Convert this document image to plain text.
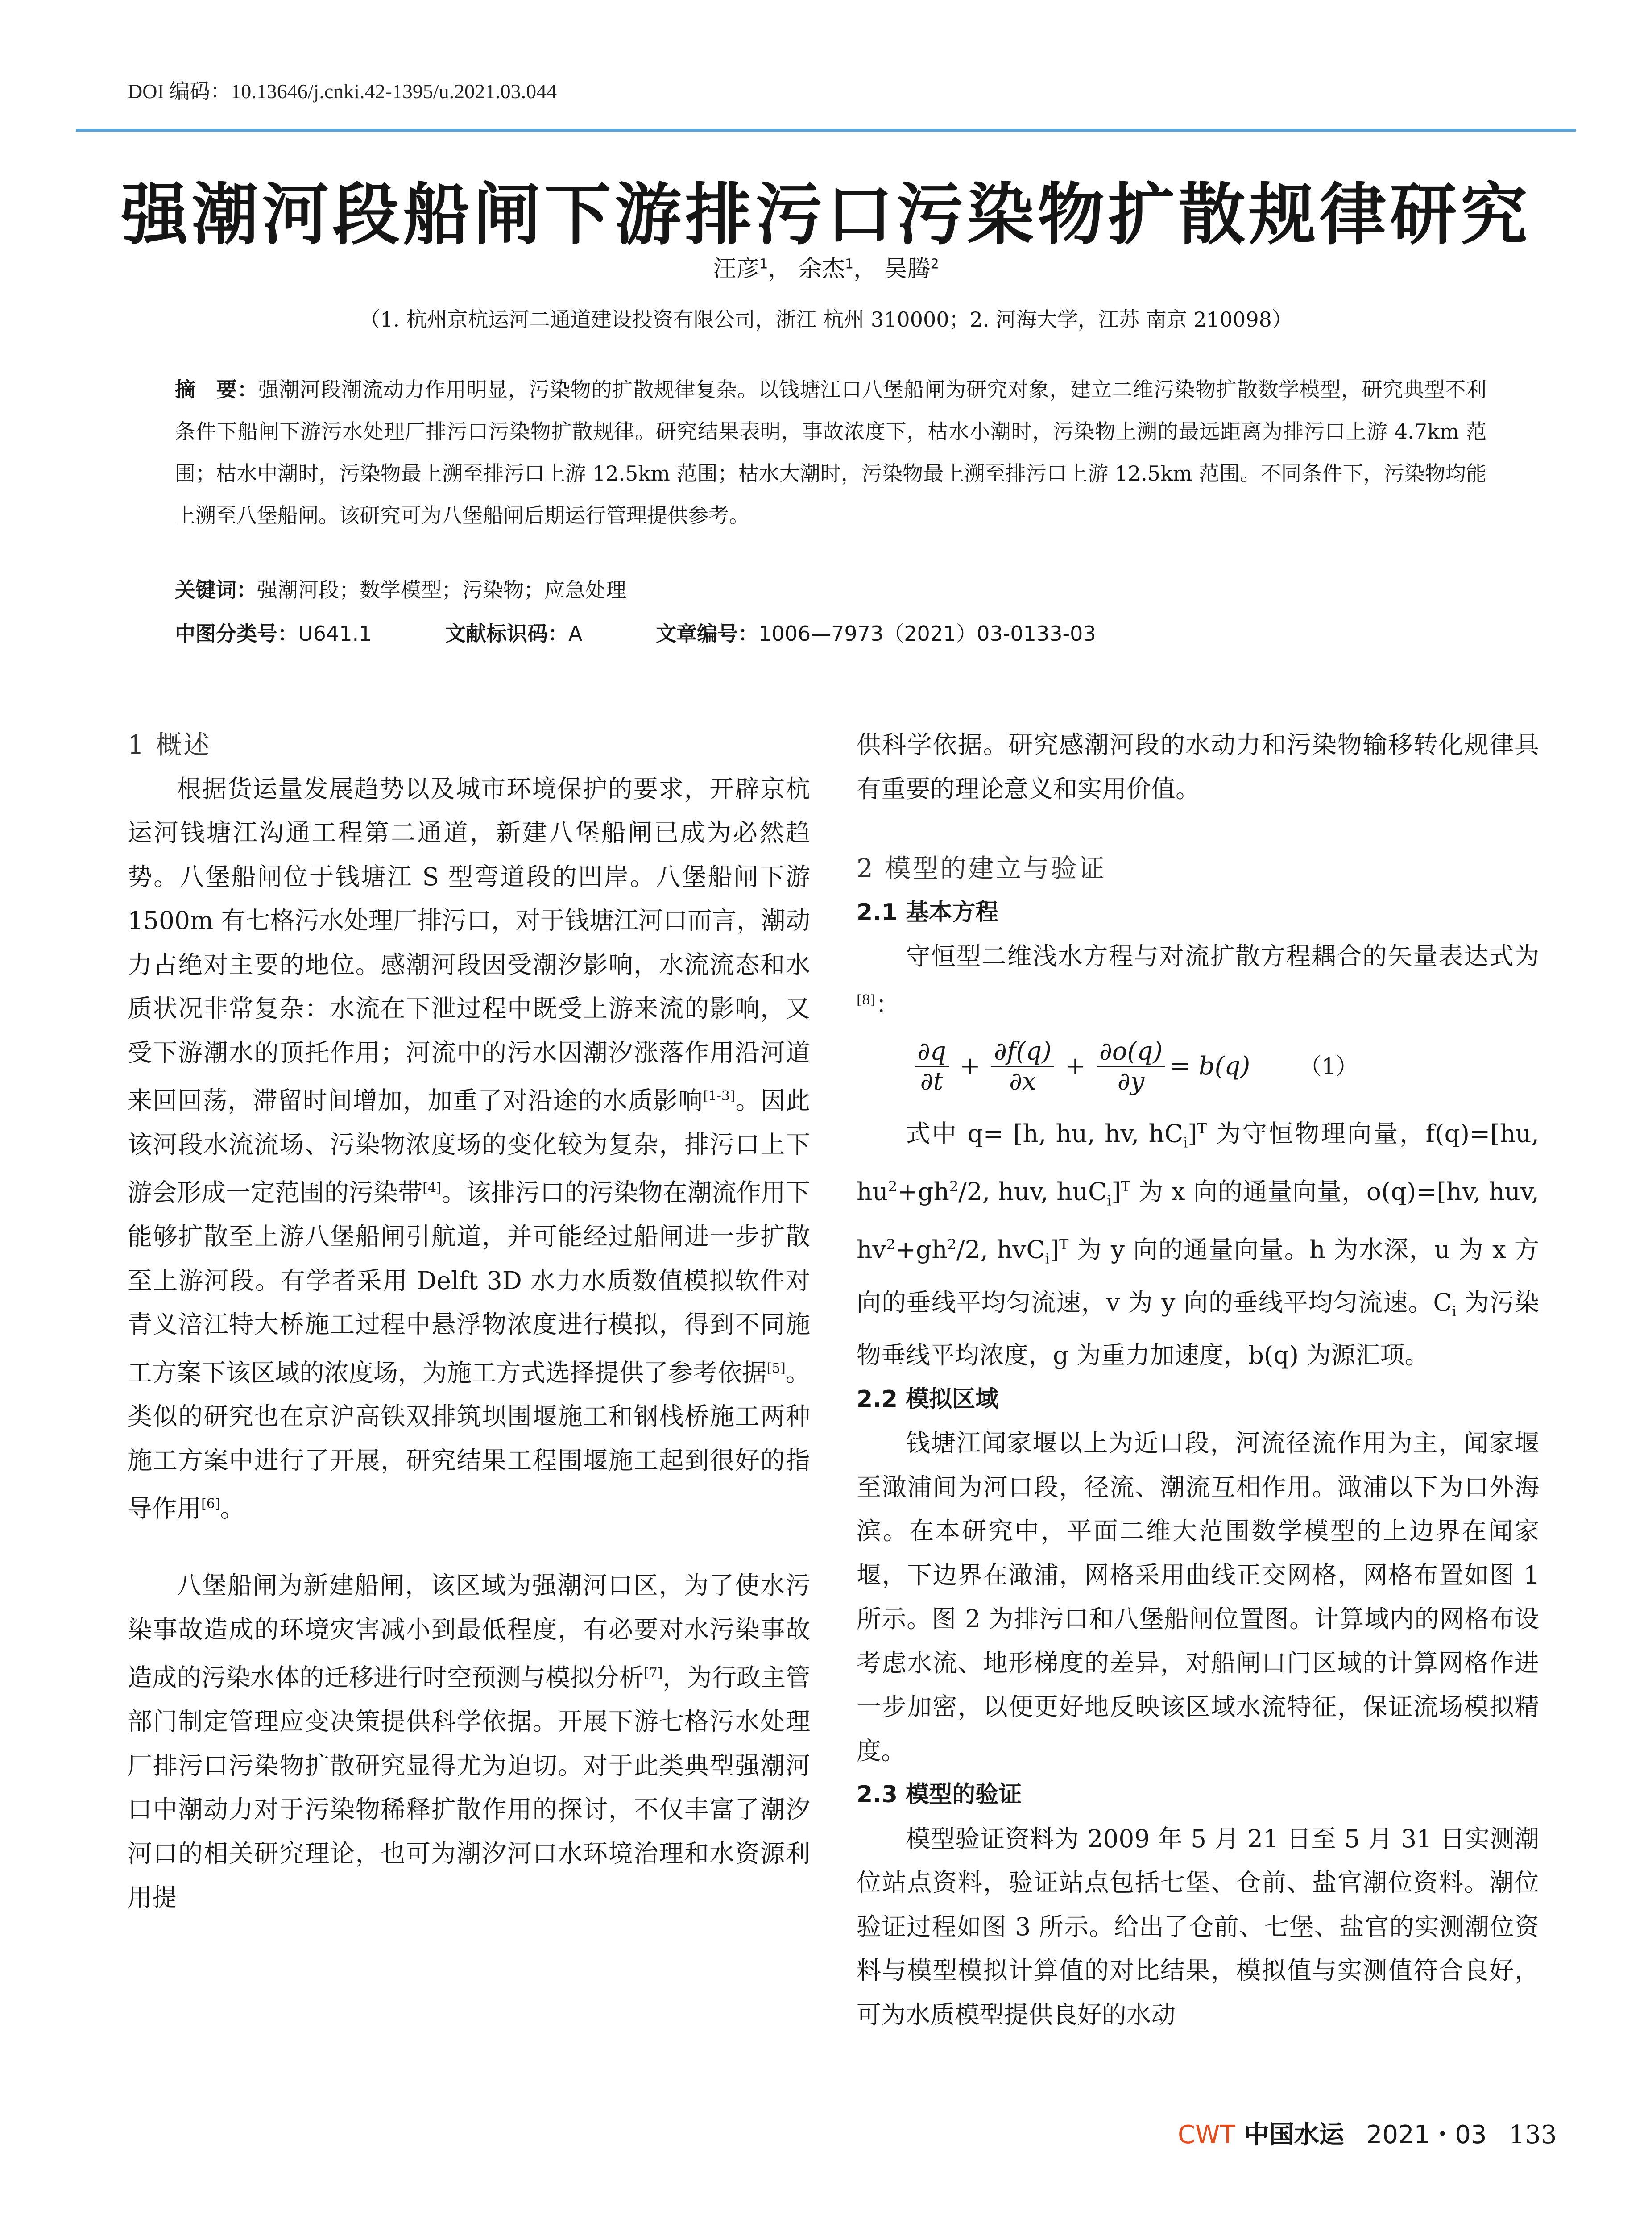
DOI 编码：10.13646/j.cnki.42-1395/u.2021.03.044
强潮河段船闸下游排污口污染物扩散规律研究
汪彦$^1$， 余杰$^1$， 吴腾$^2$
（1. 杭州京杭运河二通道建设投资有限公司，浙江 杭州 310000；2. 河海大学，江苏 南京 210098）
摘　要：强潮河段潮流动力作用明显，污染物的扩散规律复杂。以钱塘江口八堡船闸为研究对象，建立二维污染物扩散数学模型，研究典型不利条件下船闸下游污水处理厂排污口污染物扩散规律。研究结果表明，事故浓度下，枯水小潮时，污染物上溯的最远距离为排污口上游 4.7km 范围；枯水中潮时，污染物最上溯至排污口上游 12.5km 范围；枯水大潮时，污染物最上溯至排污口上游 12.5km 范围。不同条件下，污染物均能上溯至八堡船闸。该研究可为八堡船闸后期运行管理提供参考。
关键词：强潮河段；数学模型；污染物；应急处理
中图分类号：U641.1	文献标识码：A	文章编号：1006—7973（2021）03-0133-03
1 概述

根据货运量发展趋势以及城市环境保护的要求，开辟京杭运河钱塘江沟通工程第二通道，新建八堡船闸已成为必然趋势。八堡船闸位于钱塘江 S 型弯道段的凹岸。八堡船闸下游 1500m 有七格污水处理厂排污口，对于钱塘江河口而言，潮动力占绝对主要的地位。感潮河段因受潮汐影响，水流流态和水质状况非常复杂：水流在下泄过程中既受上游来流的影响，又受下游潮水的顶托作用；河流中的污水因潮汐涨落作用沿河道来回回荡，滞留时间增加，加重了对沿途的水质影响[1-3]。因此该河段水流流场、污染物浓度场的变化较为复杂，排污口上下游会形成一定范围的污染带[4]。该排污口的污染物在潮流作用下能够扩散至上游八堡船闸引航道，并可能经过船闸进一步扩散至上游河段。有学者采用 Delft 3D 水力水质数值模拟软件对青义涪江特大桥施工过程中悬浮物浓度进行模拟，得到不同施工方案下该区域的浓度场，为施工方式选择提供了参考依据[5]。类似的研究也在京沪高铁双排筑坝围堰施工和钢栈桥施工两种施工方案中进行了开展，研究结果工程围堰施工起到很好的指导作用[6]。

八堡船闸为新建船闸，该区域为强潮河口区，为了使水污染事故造成的环境灾害减小到最低程度，有必要对水污染事故造成的污染水体的迁移进行时空预测与模拟分析[7]，为行政主管部门制定管理应变决策提供科学依据。开展下游七格污水处理厂排污口污染物扩散研究显得尤为迫切。对于此类典型强潮河口中潮动力对于污染物稀释扩散作用的探讨，不仅丰富了潮汐河口的相关研究理论，也可为潮汐河口水环境治理和水资源利用提

供科学依据。研究感潮河段的水动力和污染物输移转化规律具有重要的理论意义和实用价值。

2 模型的建立与验证
2.1 基本方程

守恒型二维浅水方程与对流扩散方程耦合的矢量表达式为[8]：

$\frac{\partial q}{\partial t} + \frac{\partial f(q)}{\partial x} + \frac{\partial o(q)}{\partial y} = b(q)$ （1）

式中 q= [h, hu, hv, $hC_i]^T$ 为守恒物理向量，f(q)=[hu, $hu^2+gh^2/2$, huv, huC$_i$]$^T$ 为 x 向的通量向量，o(q)=[hv, huv, $hv^2+gh^2/2$, hvC$_i$]$^T$ 为 y 向的通量向量。h 为水深，u 为 x 方向的垂线平均匀流速，v 为 y 向的垂线平均匀流速。$C_i$ 为污染物垂线平均浓度，g 为重力加速度，b(q) 为源汇项。

2.2 模拟区域

钱塘江闻家堰以上为近口段，河流径流作用为主，闻家堰至澉浦间为河口段，径流、潮流互相作用。澉浦以下为口外海滨。在本研究中，平面二维大范围数学模型的上边界在闻家堰，下边界在澉浦，网格采用曲线正交网格，网格布置如图 1 所示。图 2 为排污口和八堡船闸位置图。计算域内的网格布设考虑水流、地形梯度的差异，对船闸口门区域的计算网格作进一步加密，以便更好地反映该区域水流特征，保证流场模拟精度。

2.3 模型的验证

模型验证资料为 2009 年 5 月 21 日至 5 月 31 日实测潮位站点资料，验证站点包括七堡、仓前、盐官潮位资料。潮位验证过程如图 3 所示。给出了仓前、七堡、盐官的实测潮位资料与模型模拟计算值的对比结果，模拟值与实测值符合良好，可为水质模型提供良好的水动

CWT 中国水运 2021・03 133
